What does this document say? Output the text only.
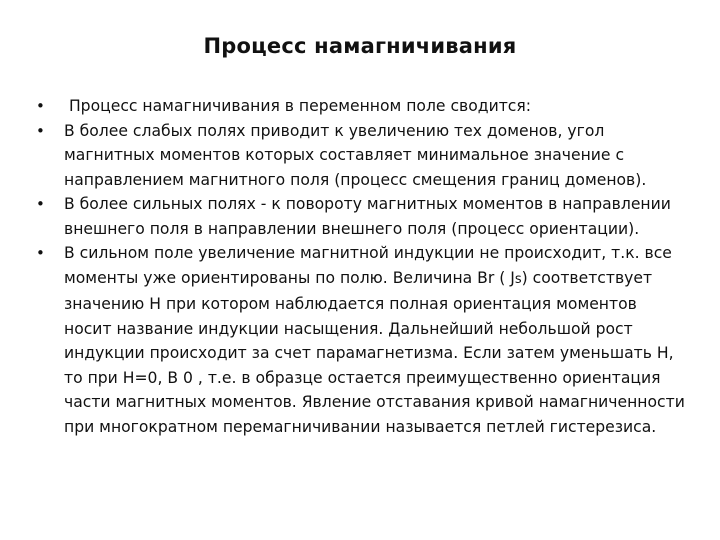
Процесс намагничивания
•	Процесс намагничивания в переменном поле сводится:
•	В более слабых полях приводит к увеличению тех доменов, угол магнитных моментов которых составляет минимальное значение с направлением магнитного поля (процесс смещения границ доменов).
•	В более сильных полях - к повороту магнитных моментов в направлении внешнего поля в направлении внешнего поля (процесс ориентации).
•	В сильном поле увеличение магнитной индукции не происходит, т.к. все моменты уже ориентированы по полю. Величина Br ( Js) соответствует значению Н при котором наблюдается полная ориентация моментов носит название индукции насыщения. Дальнейший небольшой рост индукции происходит за счет парамагнетизма. Если затем уменьшать Н, то при Н=0, В 0 , т.е. в образце остается преимущественно ориентация части магнитных моментов. Явление отставания кривой намагниченности при многократном перемагничивании называется петлей гистерезиса.
